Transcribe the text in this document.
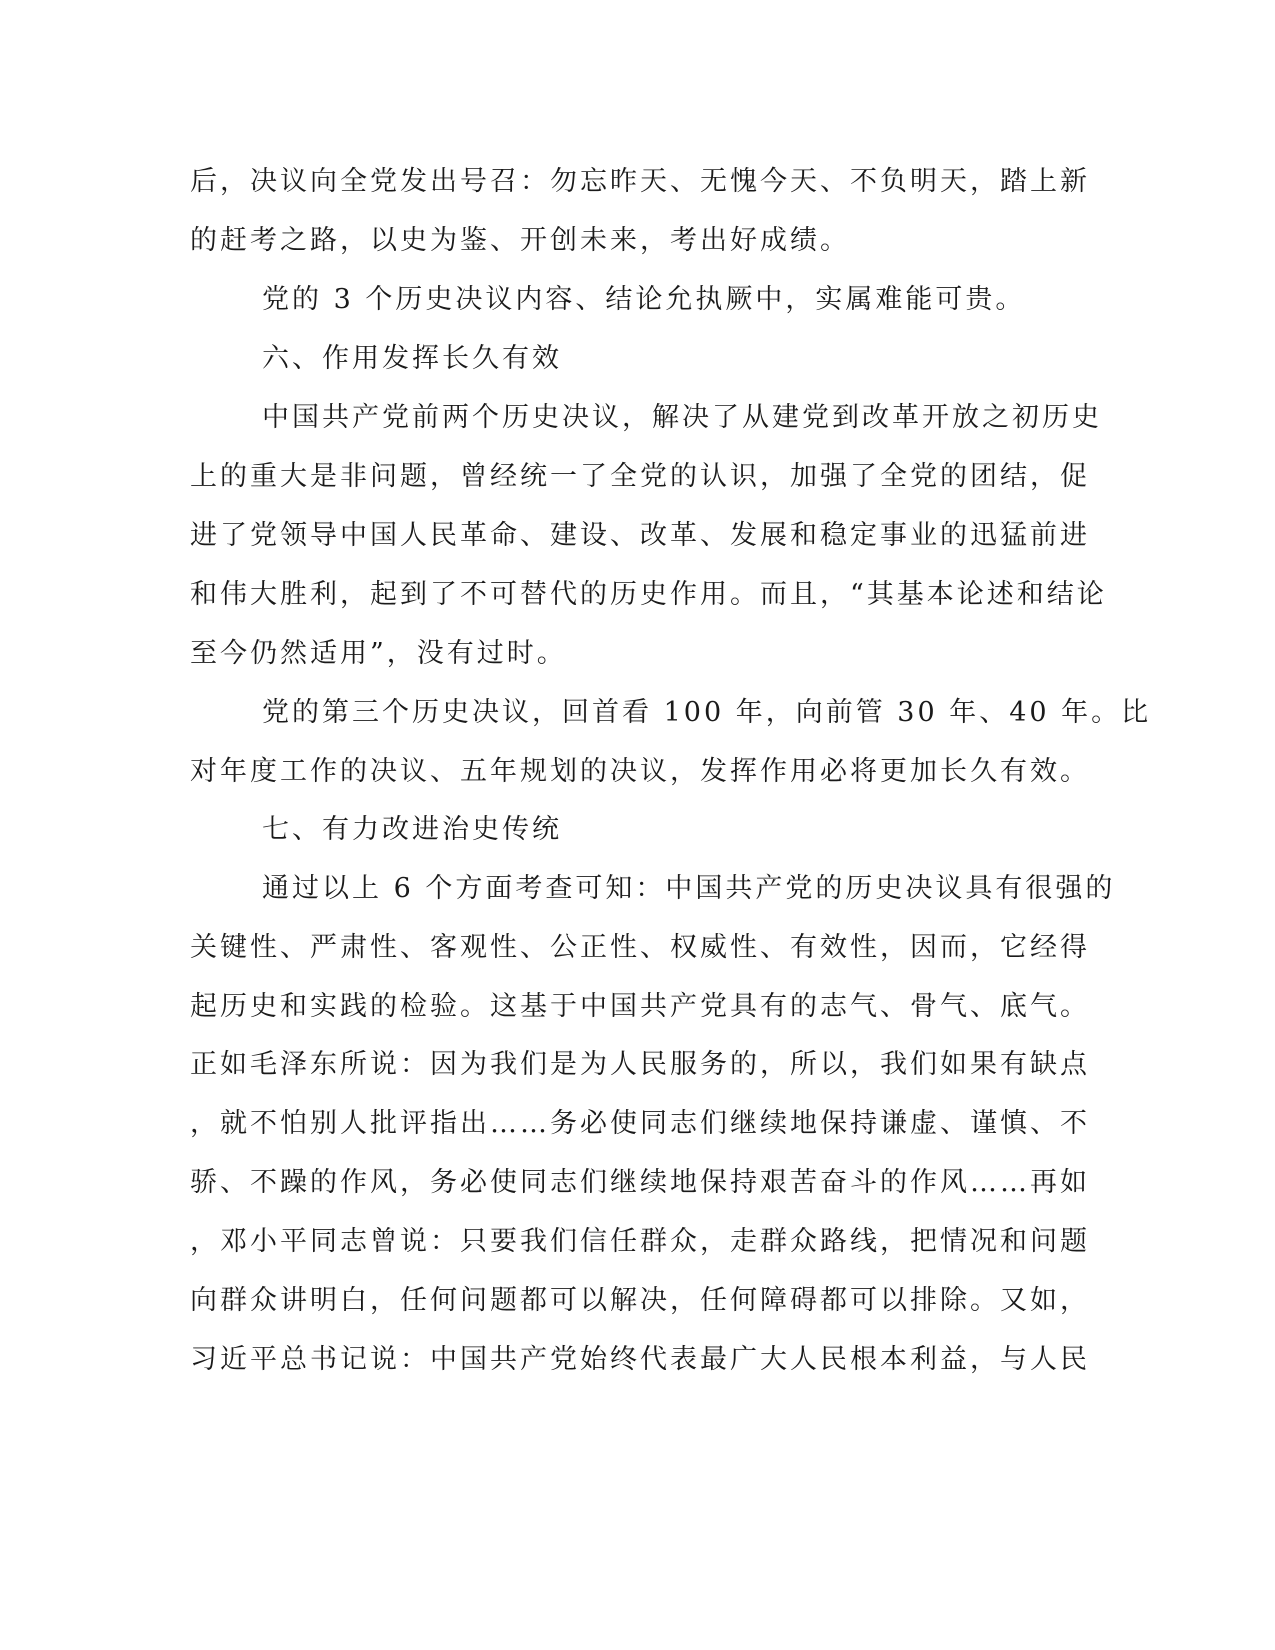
后，决议向全党发出号召：勿忘昨天、无愧今天、不负明天，踏上新
的赶考之路，以史为鉴、开创未来，考出好成绩。
党的 3 个历史决议内容、结论允执厥中，实属难能可贵。
六、作用发挥长久有效
中国共产党前两个历史决议，解决了从建党到改革开放之初历史
上的重大是非问题，曾经统一了全党的认识，加强了全党的团结，促
进了党领导中国人民革命、建设、改革、发展和稳定事业的迅猛前进
和伟大胜利，起到了不可替代的历史作用。而且，“其基本论述和结论
至今仍然适用”，没有过时。
党的第三个历史决议，回首看 100 年，向前管 30 年、40 年。比
对年度工作的决议、五年规划的决议，发挥作用必将更加长久有效。
七、有力改进治史传统
通过以上 6 个方面考查可知：中国共产党的历史决议具有很强的
关键性、严肃性、客观性、公正性、权威性、有效性，因而，它经得
起历史和实践的检验。这基于中国共产党具有的志气、骨气、底气。
正如毛泽东所说：因为我们是为人民服务的，所以，我们如果有缺点
，就不怕别人批评指出……务必使同志们继续地保持谦虚、谨慎、不
骄、不躁的作风，务必使同志们继续地保持艰苦奋斗的作风……再如
，邓小平同志曾说：只要我们信任群众，走群众路线，把情况和问题
向群众讲明白，任何问题都可以解决，任何障碍都可以排除。又如，
习近平总书记说：中国共产党始终代表最广大人民根本利益，与人民
